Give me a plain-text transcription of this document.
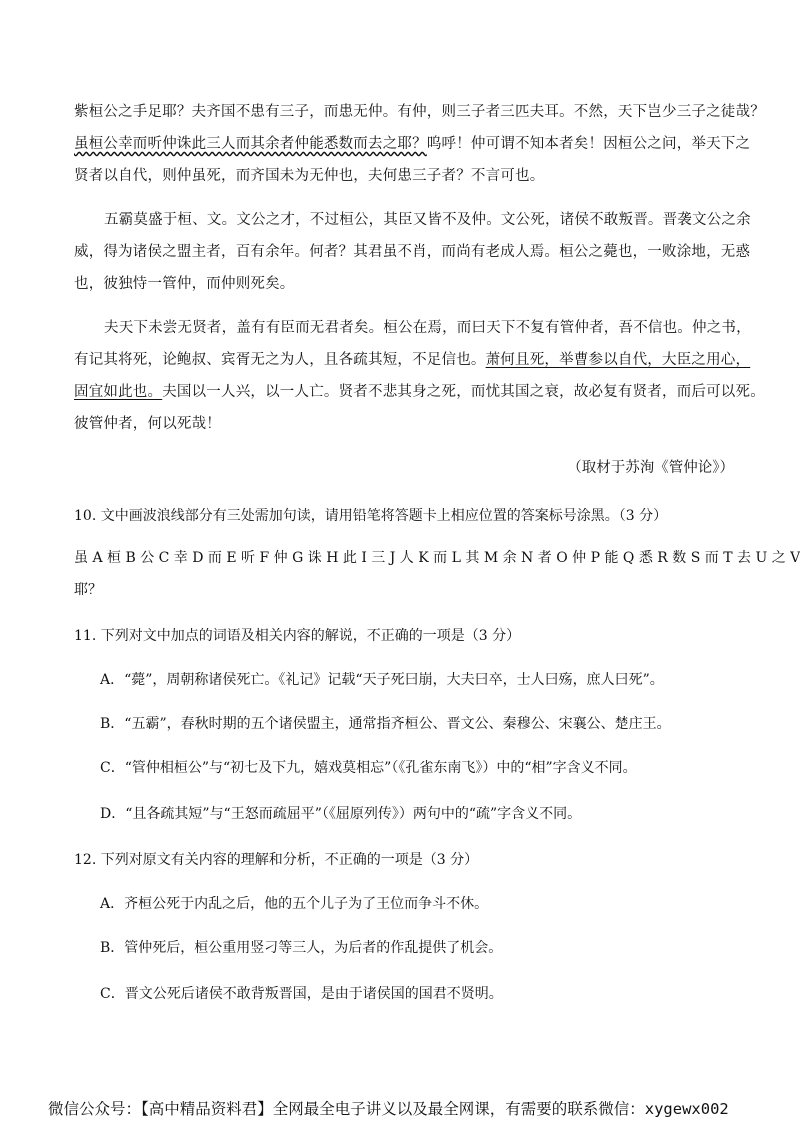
紫桓公之手足耶？夫齐国不患有三子，而患无仲。有仲，则三子者三匹夫耳。不然，天下岂少三子之徒哉？
虽桓公幸而听仲诛此三人而其余者仲能悉数而去之耶？呜呼！仲可谓不知本者矣！因桓公之问，举天下之
贤者以自代，则仲虽死，而齐国未为无仲也，夫何患三子者？不言可也。
五霸莫盛于桓、文。文公之才，不过桓公，其臣又皆不及仲。文公死，诸侯不敢叛晋。晋袭文公之余
威，得为诸侯之盟主者，百有余年。何者？其君虽不肖，而尚有老成人焉。桓公之薨也，一败涂地，无惑
也，彼独恃一管仲，而仲则死矣。
夫天下未尝无贤者，盖有有臣而无君者矣。桓公在焉，而曰天下不复有管仲者，吾不信也。仲之书，
有记其将死，论鲍叔、宾胥无之为人，且各疏其短，不足信也。萧何且死，举曹参以自代，大臣之用心，
固宜如此也。夫国以一人兴，以一人亡。贤者不悲其身之死，而忧其国之衰，故必复有贤者，而后可以死。
彼管仲者，何以死哉！
（取材于苏洵《管仲论》）
10. 文中画波浪线部分有三处需加句读，请用铅笔将答题卡上相应位置的答案标号涂黑。（3 分）
虽 A 桓 B 公 C 幸 D 而 E 听 F 仲 G 诛 H 此 I 三 J 人 K 而 L 其 M 余 N 者 O 仲 P 能 Q 悉 R 数 S 而 T 去 U 之 V
耶？
11. 下列对文中加点的词语及相关内容的解说，不正确的一项是（3 分）
A．“薨”，周朝称诸侯死亡。《礼记》记载“天子死曰崩，大夫曰卒，士人曰殇，庶人曰死”。
B．“五霸”，春秋时期的五个诸侯盟主，通常指齐桓公、晋文公、秦穆公、宋襄公、楚庄王。
C．“管仲相桓公”与“初七及下九，嬉戏莫相忘”（《孔雀东南飞》）中的“相”字含义不同。
D．“且各疏其短”与“王怒而疏屈平”（《屈原列传》）两句中的“疏”字含义不同。
12. 下列对原文有关内容的理解和分析，不正确的一项是（3 分）
A．齐桓公死于内乱之后，他的五个儿子为了王位而争斗不休。
B．管仲死后，桓公重用竖刁等三人，为后者的作乱提供了机会。
C．晋文公死后诸侯不敢背叛晋国，是由于诸侯国的国君不贤明。
微信公众号：【高中精品资料君】全网最全电子讲义以及最全网课，有需要的联系微信：xygewx002
